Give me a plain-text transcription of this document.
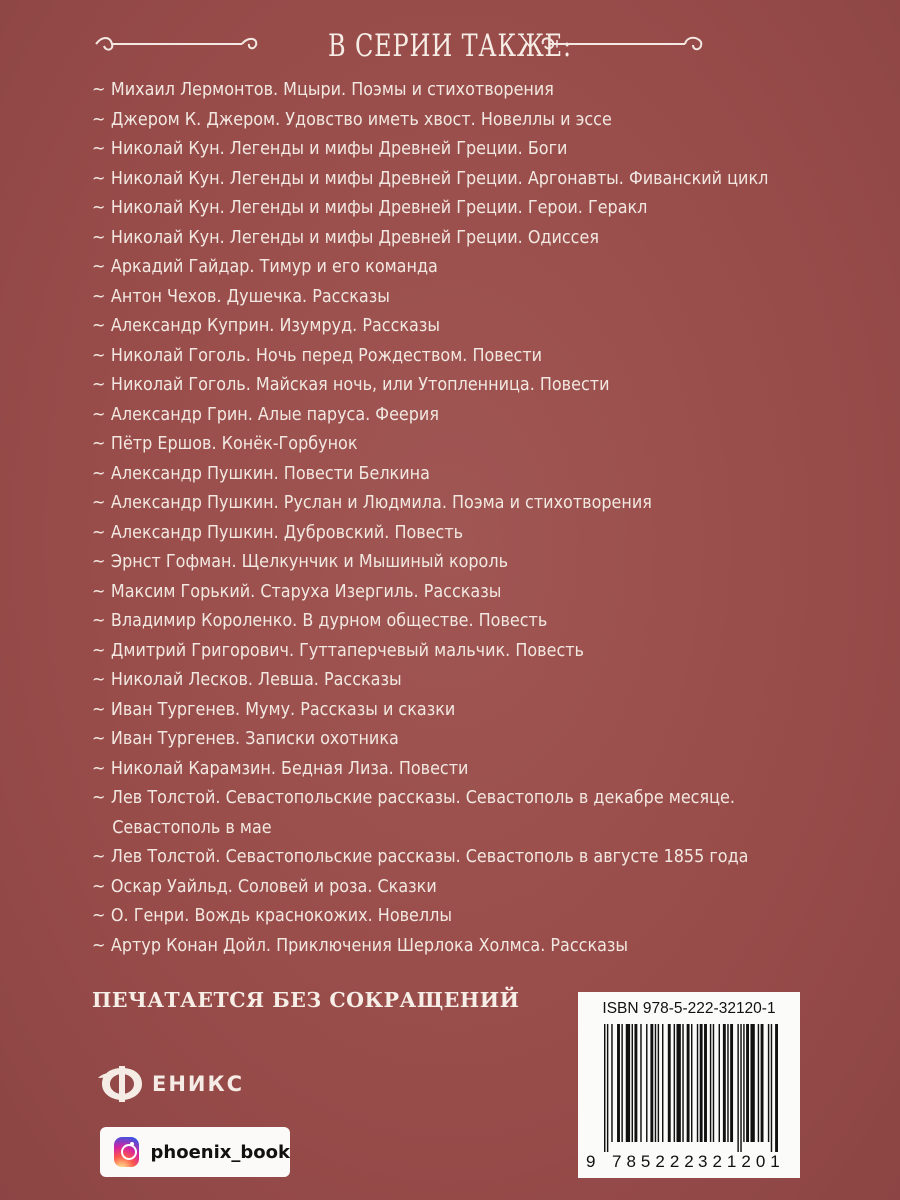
В СЕРИИ ТАКЖЕ:
~ Михаил Лермонтов. Мцыри. Поэмы и стихотворения
~ Джером К. Джером. Удовство иметь хвост. Новеллы и эссе
~ Николай Кун. Легенды и мифы Древней Греции. Боги
~ Николай Кун. Легенды и мифы Древней Греции. Аргонавты. Фиванский цикл
~ Николай Кун. Легенды и мифы Древней Греции. Герои. Геракл
~ Николай Кун. Легенды и мифы Древней Греции. Одиссея
~ Аркадий Гайдар. Тимур и его команда
~ Антон Чехов. Душечка. Рассказы
~ Александр Куприн. Изумруд. Рассказы
~ Николай Гоголь. Ночь перед Рождеством. Повести
~ Николай Гоголь. Майская ночь, или Утопленница. Повести
~ Александр Грин. Алые паруса. Феерия
~ Пётр Ершов. Конёк-Горбунок
~ Александр Пушкин. Повести Белкина
~ Александр Пушкин. Руслан и Людмила. Поэма и стихотворения
~ Александр Пушкин. Дубровский. Повесть
~ Эрнст Гофман. Щелкунчик и Мышиный король
~ Максим Горький. Старуха Изергиль. Рассказы
~ Владимир Короленко. В дурном обществе. Повесть
~ Дмитрий Григорович. Гуттаперчевый мальчик. Повесть
~ Николай Лесков. Левша. Рассказы
~ Иван Тургенев. Муму. Рассказы и сказки
~ Иван Тургенев. Записки охотника
~ Николай Карамзин. Бедная Лиза. Повести
~ Лев Толстой. Севастопольские рассказы. Севастополь в декабре месяце.
Севастополь в мае
~ Лев Толстой. Севастопольские рассказы. Севастополь в августе 1855 года
~ Оскар Уайльд. Соловей и роза. Сказки
~ О. Генри. Вождь краснокожих. Новеллы
~ Артур Конан Дойл. Приключения Шерлока Холмса. Рассказы
ПЕЧАТАЕТСЯ БЕЗ СОКРАЩЕНИЙ
ЕНИКС
phoenix_book
ISBN 978-5-222-32120-1
9 785222 321201
